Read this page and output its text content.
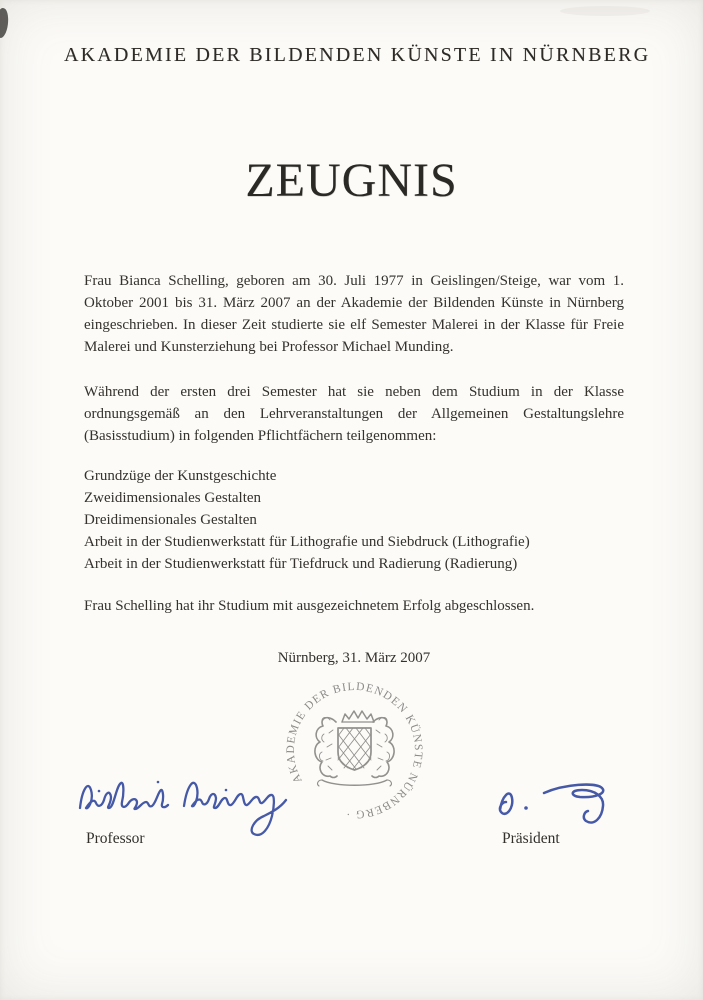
AKADEMIE DER BILDENDEN KÜNSTE IN NÜRNBERG
ZEUGNIS
Frau Bianca Schelling, geboren am 30. Juli 1977 in Geislingen/Steige, war vom 1. Oktober 2001 bis 31. März 2007 an der Akademie der Bildenden Künste in Nürnberg eingeschrieben. In dieser Zeit studierte sie elf Semester Malerei in der Klasse für Freie Malerei und Kunsterziehung bei Professor Michael Munding.
Während der ersten drei Semester hat sie neben dem Studium in der Klasse ordnungsgemäß an den Lehrveranstaltungen der Allgemeinen Gestaltungslehre (Basisstudium) in folgenden Pflichtfächern teilgenommen:
Grundzüge der Kunstgeschichte
Zweidimensionales Gestalten
Dreidimensionales Gestalten
Arbeit in der Studienwerkstatt für Lithografie und Siebdruck (Lithografie)
Arbeit in der Studienwerkstatt für Tiefdruck und Radierung (Radierung)
Frau Schelling hat ihr Studium mit ausgezeichnetem Erfolg abgeschlossen.
Nürnberg, 31. März 2007
AKADEMIE DER BILDENDEN KÜNSTE NÜRNBERG ·
Professor	Präsident
